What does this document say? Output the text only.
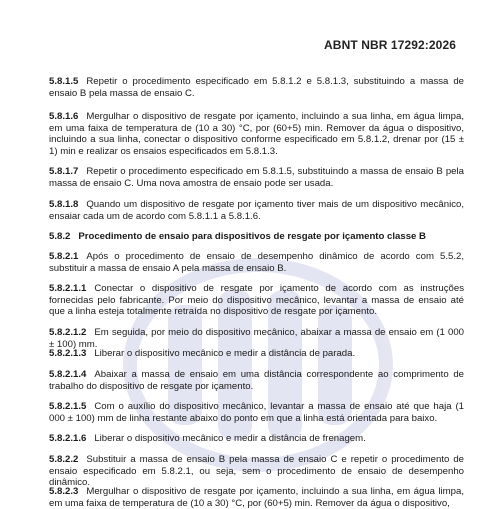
ABNT NBR 17292:2026

5.8.1.5 Repetir o procedimento especificado em 5.8.1.2 e 5.8.1.3, substituindo a massa de ensaio B pela massa de ensaio C.

5.8.1.6 Mergulhar o dispositivo de resgate por içamento, incluindo a sua linha, em água limpa, em uma faixa de temperatura de (10 a 30) °C, por (60+5) min. Remover da água o dispositivo, incluindo a sua linha, conectar o dispositivo conforme especificado em 5.8.1.2, drenar por (15 ± 1) min e realizar os ensaios especificados em 5.8.1.3.

5.8.1.7 Repetir o procedimento especificado em 5.8.1.5, substituindo a massa de ensaio B pela massa de ensaio C. Uma nova amostra de ensaio pode ser usada.

5.8.1.8 Quando um dispositivo de resgate por içamento tiver mais de um dispositivo mecânico, ensaiar cada um de acordo com 5.8.1.1 a 5.8.1.6.

5.8.2 Procedimento de ensaio para dispositivos de resgate por içamento classe B

5.8.2.1 Após o procedimento de ensaio de desempenho dinâmico de acordo com 5.5.2, substituir a massa de ensaio A pela massa de ensaio B.

5.8.2.1.1 Conectar o dispositivo de resgate por içamento de acordo com as instruções fornecidas pelo fabricante. Por meio do dispositivo mecânico, levantar a massa de ensaio até que a linha esteja totalmente retraída no dispositivo de resgate por içamento.

5.8.2.1.2 Em seguida, por meio do dispositivo mecânico, abaixar a massa de ensaio em (1 000 ± 100) mm.

5.8.2.1.3 Liberar o dispositivo mecânico e medir a distância de parada.

5.8.2.1.4 Abaixar a massa de ensaio em uma distância correspondente ao comprimento de trabalho do dispositivo de resgate por içamento.

5.8.2.1.5 Com o auxílio do dispositivo mecânico, levantar a massa de ensaio até que haja (1 000 ± 100) mm de linha restante abaixo do ponto em que a linha está orientada para baixo.

5.8.2.1.6 Liberar o dispositivo mecânico e medir a distância de frenagem.

5.8.2.2 Substituir a massa de ensaio B pela massa de ensaio C e repetir o procedimento de ensaio especificado em 5.8.2.1, ou seja, sem o procedimento de ensaio de desempenho dinâmico.

5.8.2.3 Mergulhar o dispositivo de resgate por içamento, incluindo a sua linha, em água limpa, em uma faixa de temperatura de (10 a 30) °C, por (60+5) min. Remover da água o dispositivo,
